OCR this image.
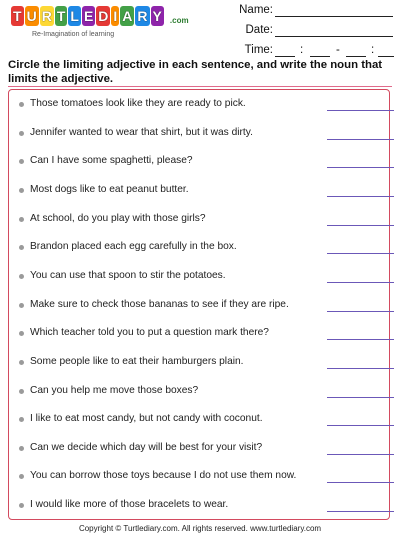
T U R T L E D I A R Y .com
Re-Imagination of learning
Name:
Date:
Time: :	-	:
Circle the limiting adjective in each sentence, and write the noun that limits the adjective.
Those tomatoes look like they are ready to pick.
Jennifer wanted to wear that shirt, but it was dirty.
Can I have some spaghetti, please?
Most dogs like to eat peanut butter.
At school, do you play with those girls?
Brandon placed each egg carefully in the box.
You can use that spoon to stir the potatoes.
Make sure to check those bananas to see if they are ripe.
Which teacher told you to put a question mark there?
Some people like to eat their hamburgers plain.
Can you help me move those boxes?
I like to eat most candy, but not candy with coconut.
Can we decide which day will be best for your visit?
You can borrow those toys because I do not use them now.
I would like more of those bracelets to wear.
Copyright © Turtlediary.com. All rights reserved. www.turtlediary.com
